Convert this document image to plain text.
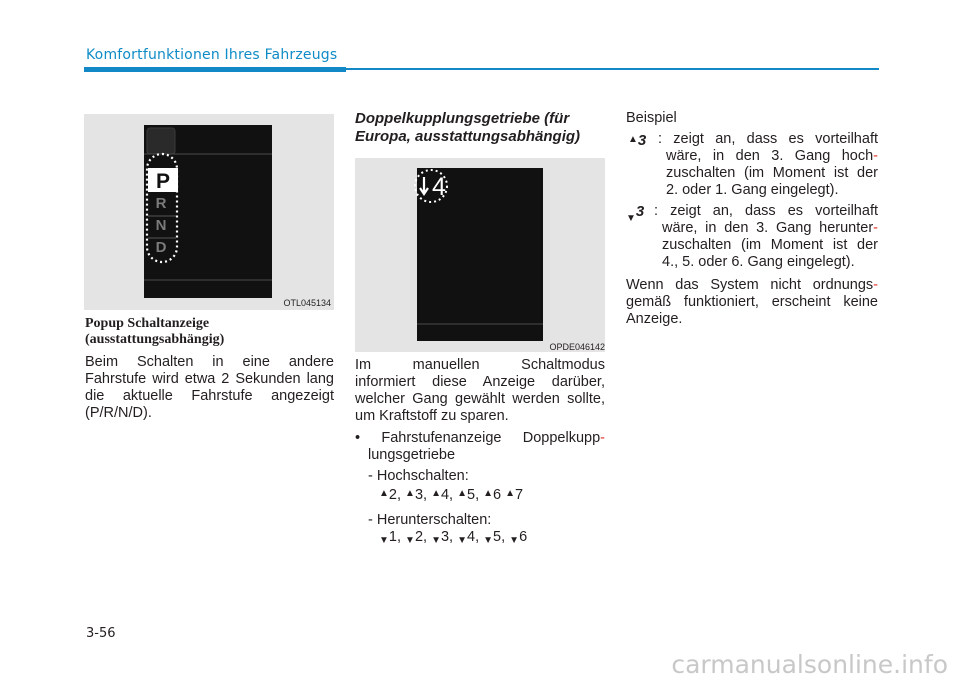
Komfortfunktionen Ihres Fahrzeugs
P
R
N
D
OTL045134
Popup Schaltanzeige
(ausstattungsabhängig)
Beim Schalten in eine andere
Fahrstufe wird etwa 2 Sekunden lang
die aktuelle Fahrstufe angezeigt
(P/R/N/D).
Doppelkupplungsgetriebe (für
Europa, ausstattungsabhängig)
4
OPDE046142
Im manuellen Schaltmodus
informiert diese Anzeige darüber,
welcher Gang gewählt werden sollte,
um Kraftstoff zu sparen.
• Fahrstufenanzeige Doppelkupp-
lungsgetriebe
- Hochschalten:
▲2, ▲3, ▲4, ▲5, ▲6 ▲7
- Herunterschalten:
▼1, ▼2, ▼3, ▼4, ▼5, ▼6
Beispiel
▲3 : zeigt an, dass es vorteilhaft
wäre, in den 3. Gang hoch-
zuschalten (im Moment ist der
2. oder 1. Gang eingelegt).
▼3 : zeigt an, dass es vorteilhaft
wäre, in den 3. Gang herunter-
zuschalten (im Moment ist der
4., 5. oder 6. Gang eingelegt).
Wenn das System nicht ordnungs-
gemäß funktioniert, erscheint keine
Anzeige.
3-56
carmanualsonline.info
